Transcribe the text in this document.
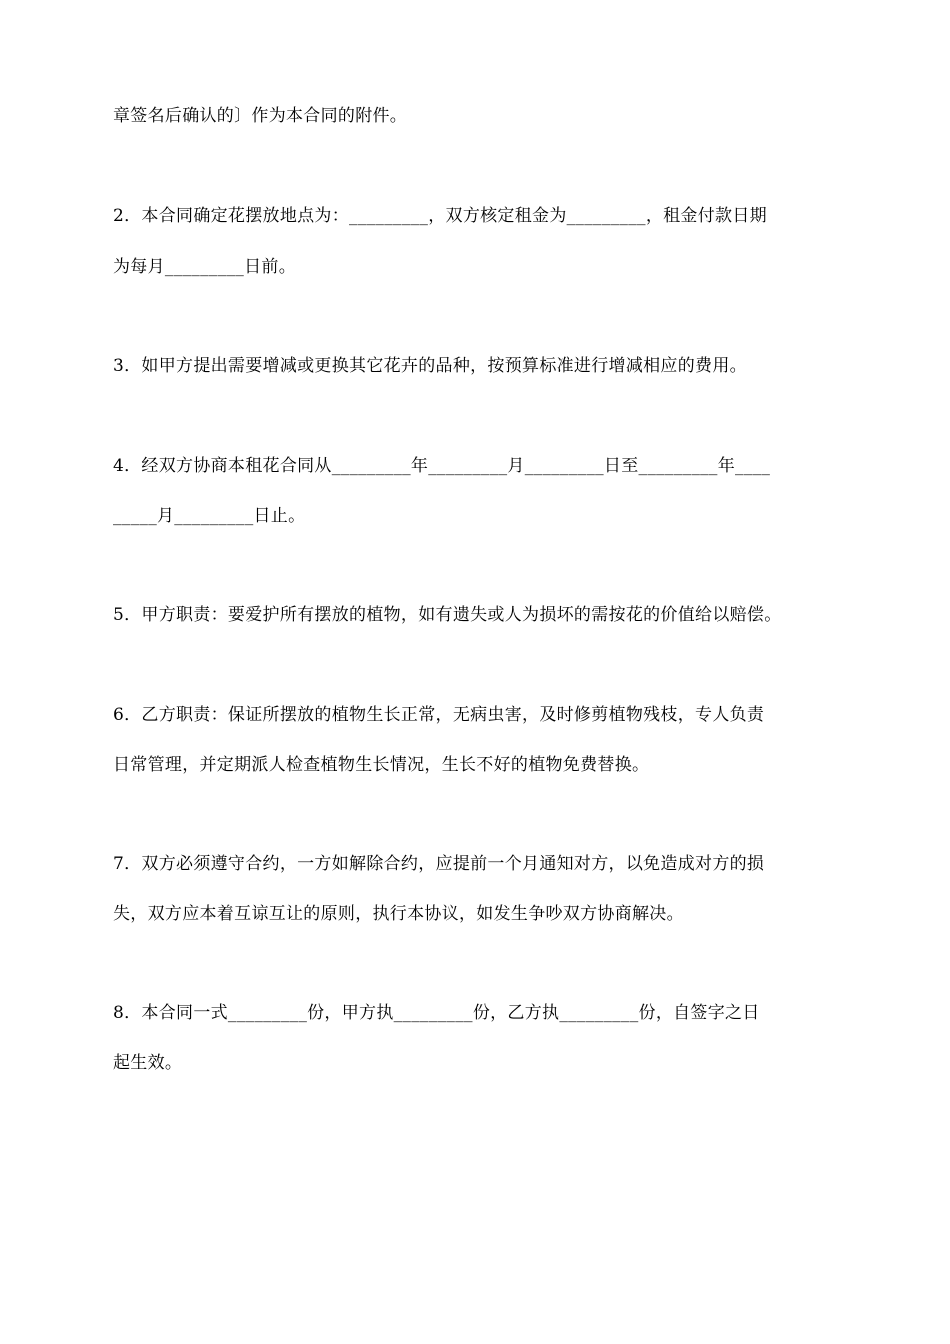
章签名后确认的〕作为本合同的附件。
2．本合同确定花摆放地点为：_________，双方核定租金为_________，租金付款日期
为每月_________日前。
3．如甲方提出需要增减或更换其它花卉的品种，按预算标准进行增减相应的费用。
4．经双方协商本租花合同从_________年_________月_________日至_________年____
_____月_________日止。
5．甲方职责：要爱护所有摆放的植物，如有遗失或人为损坏的需按花的价值给以赔偿。
6．乙方职责：保证所摆放的植物生长正常，无病虫害，及时修剪植物残枝，专人负责
日常管理，并定期派人检查植物生长情况，生长不好的植物免费替换。
7．双方必须遵守合约，一方如解除合约，应提前一个月通知对方，以免造成对方的损
失，双方应本着互谅互让的原则，执行本协议，如发生争吵双方协商解决。
8．本合同一式_________份，甲方执_________份，乙方执_________份，自签字之日
起生效。
